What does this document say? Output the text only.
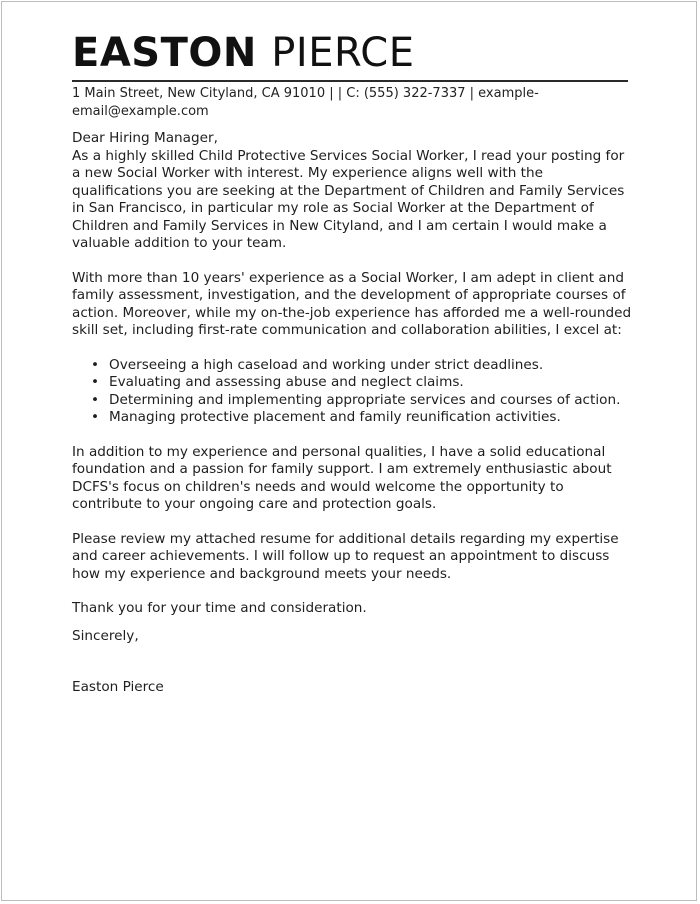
EASTON PIERCE
1 Main Street, New Cityland, CA 91010 | | C: (555) 322-7337 | example-email@example.com

Dear Hiring Manager,

As a highly skilled Child Protective Services Social Worker, I read your posting for a new Social Worker with interest. My experience aligns well with the qualifications you are seeking at the Department of Children and Family Services in San Francisco, in particular my role as Social Worker at the Department of Children and Family Services in New Cityland, and I am certain I would make a valuable addition to your team.

With more than 10 years' experience as a Social Worker, I am adept in client and family assessment, investigation, and the development of appropriate courses of action. Moreover, while my on-the-job experience has afforded me a well-rounded skill set, including first-rate communication and collaboration abilities, I excel at:

• Overseeing a high caseload and working under strict deadlines.
• Evaluating and assessing abuse and neglect claims.
• Determining and implementing appropriate services and courses of action.
• Managing protective placement and family reunification activities.

In addition to my experience and personal qualities, I have a solid educational foundation and a passion for family support. I am extremely enthusiastic about DCFS's focus on children's needs and would welcome the opportunity to contribute to your ongoing care and protection goals.

Please review my attached resume for additional details regarding my expertise and career achievements. I will follow up to request an appointment to discuss how my experience and background meets your needs.

Thank you for your time and consideration.

Sincerely,

Easton Pierce
